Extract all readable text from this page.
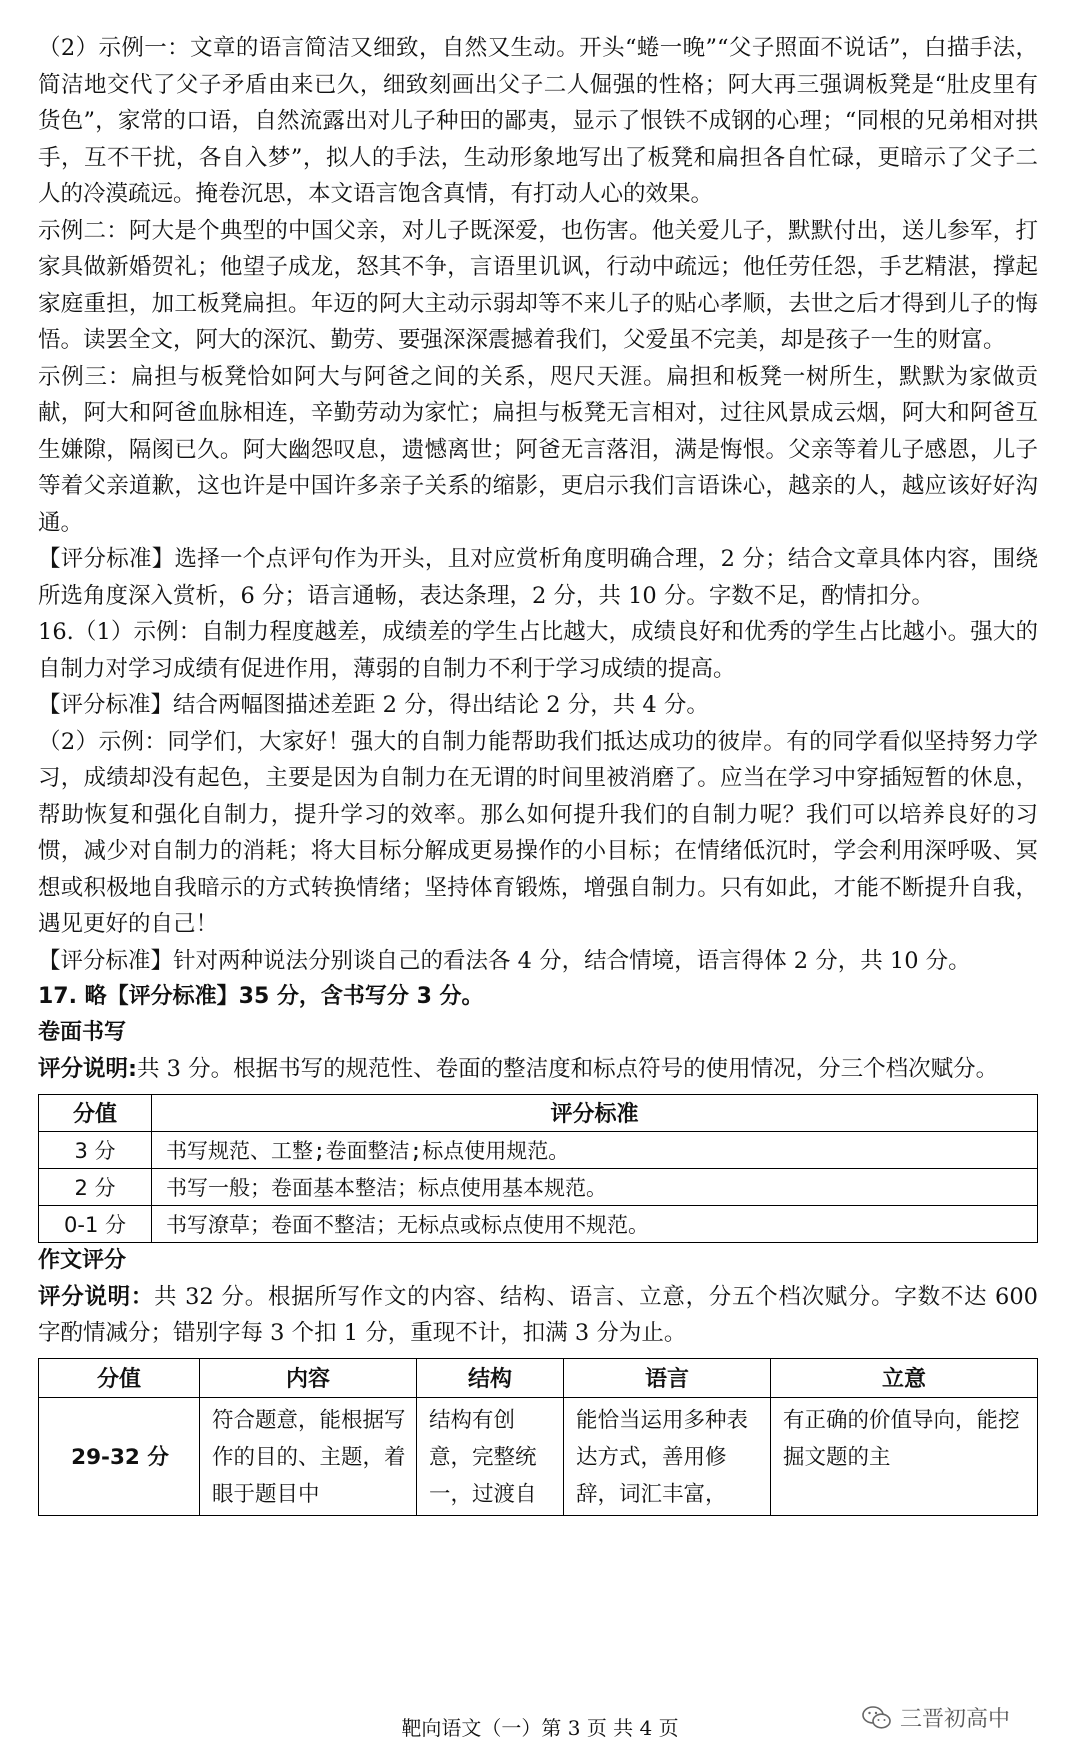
（2）示例一：文章的语言简洁又细致，自然又生动。开头“蜷一晚”“父子照面不说话”，白描手法，简洁地交代了父子矛盾由来已久，细致刻画出父子二人倔强的性格；阿大再三强调板凳是“肚皮里有货色”，家常的口语，自然流露出对儿子种田的鄙夷，显示了恨铁不成钢的心理；“同根的兄弟相对拱手，互不干扰，各自入梦”，拟人的手法，生动形象地写出了板凳和扁担各自忙碌，更暗示了父子二人的冷漠疏远。掩卷沉思，本文语言饱含真情，有打动人心的效果。

示例二：阿大是个典型的中国父亲，对儿子既深爱，也伤害。他关爱儿子，默默付出，送儿参军，打家具做新婚贺礼；他望子成龙，怒其不争，言语里讥讽，行动中疏远；他任劳任怨，手艺精湛，撑起家庭重担，加工板凳扁担。年迈的阿大主动示弱却等不来儿子的贴心孝顺，去世之后才得到儿子的悔悟。读罢全文，阿大的深沉、勤劳、要强深深震撼着我们，父爱虽不完美，却是孩子一生的财富。

示例三：扁担与板凳恰如阿大与阿爸之间的关系，咫尺天涯。扁担和板凳一树所生，默默为家做贡献，阿大和阿爸血脉相连，辛勤劳动为家忙；扁担与板凳无言相对，过往风景成云烟，阿大和阿爸互生嫌隙，隔阂已久。阿大幽怨叹息，遗憾离世；阿爸无言落泪，满是悔恨。父亲等着儿子感恩，儿子等着父亲道歉，这也许是中国许多亲子关系的缩影，更启示我们言语诛心，越亲的人，越应该好好沟通。

【评分标准】选择一个点评句作为开头，且对应赏析角度明确合理，2 分；结合文章具体内容，围绕所选角度深入赏析，6 分；语言通畅，表达条理，2 分，共 10 分。字数不足，酌情扣分。

16.（1）示例：自制力程度越差，成绩差的学生占比越大，成绩良好和优秀的学生占比越小。强大的自制力对学习成绩有促进作用，薄弱的自制力不利于学习成绩的提高。

【评分标准】结合两幅图描述差距 2 分，得出结论 2 分，共 4 分。

（2）示例：同学们，大家好！强大的自制力能帮助我们抵达成功的彼岸。有的同学看似坚持努力学习，成绩却没有起色，主要是因为自制力在无谓的时间里被消磨了。应当在学习中穿插短暂的休息，帮助恢复和强化自制力，提升学习的效率。那么如何提升我们的自制力呢？我们可以培养良好的习惯，减少对自制力的消耗；将大目标分解成更易操作的小目标；在情绪低沉时，学会利用深呼吸、冥想或积极地自我暗示的方式转换情绪；坚持体育锻炼，增强自制力。只有如此，才能不断提升自我，遇见更好的自己！

【评分标准】针对两种说法分别谈自己的看法各 4 分，结合情境，语言得体 2 分，共 10 分。

17. 略【评分标准】35 分，含书写分 3 分。

卷面书写

评分说明:共 3 分。根据书写的规范性、卷面的整洁度和标点符号的使用情况，分三个档次赋分。

分值	评分标准
3 分	书写规范、工整;卷面整洁;标点使用规范。
2 分	书写一般；卷面基本整洁；标点使用基本规范。
0-1 分	书写潦草；卷面不整洁；无标点或标点使用不规范。

作文评分

评分说明：共 32 分。根据所写作文的内容、结构、语言、立意，分五个档次赋分。字数不达 600 字酌情减分；错别字每 3 个扣 1 分，重现不计，扣满 3 分为止。

分值	内容	结构	语言	立意
29-32 分	符合题意，能根据写作的目的、主题，着眼于题目中	结构有创意，完整统一，过渡自	能恰当运用多种表达方式，善用修辞，词汇丰富，	有正确的价值导向，能挖掘文题的主
靶向语文（一）第 3 页 共 4 页	三晋初高中
